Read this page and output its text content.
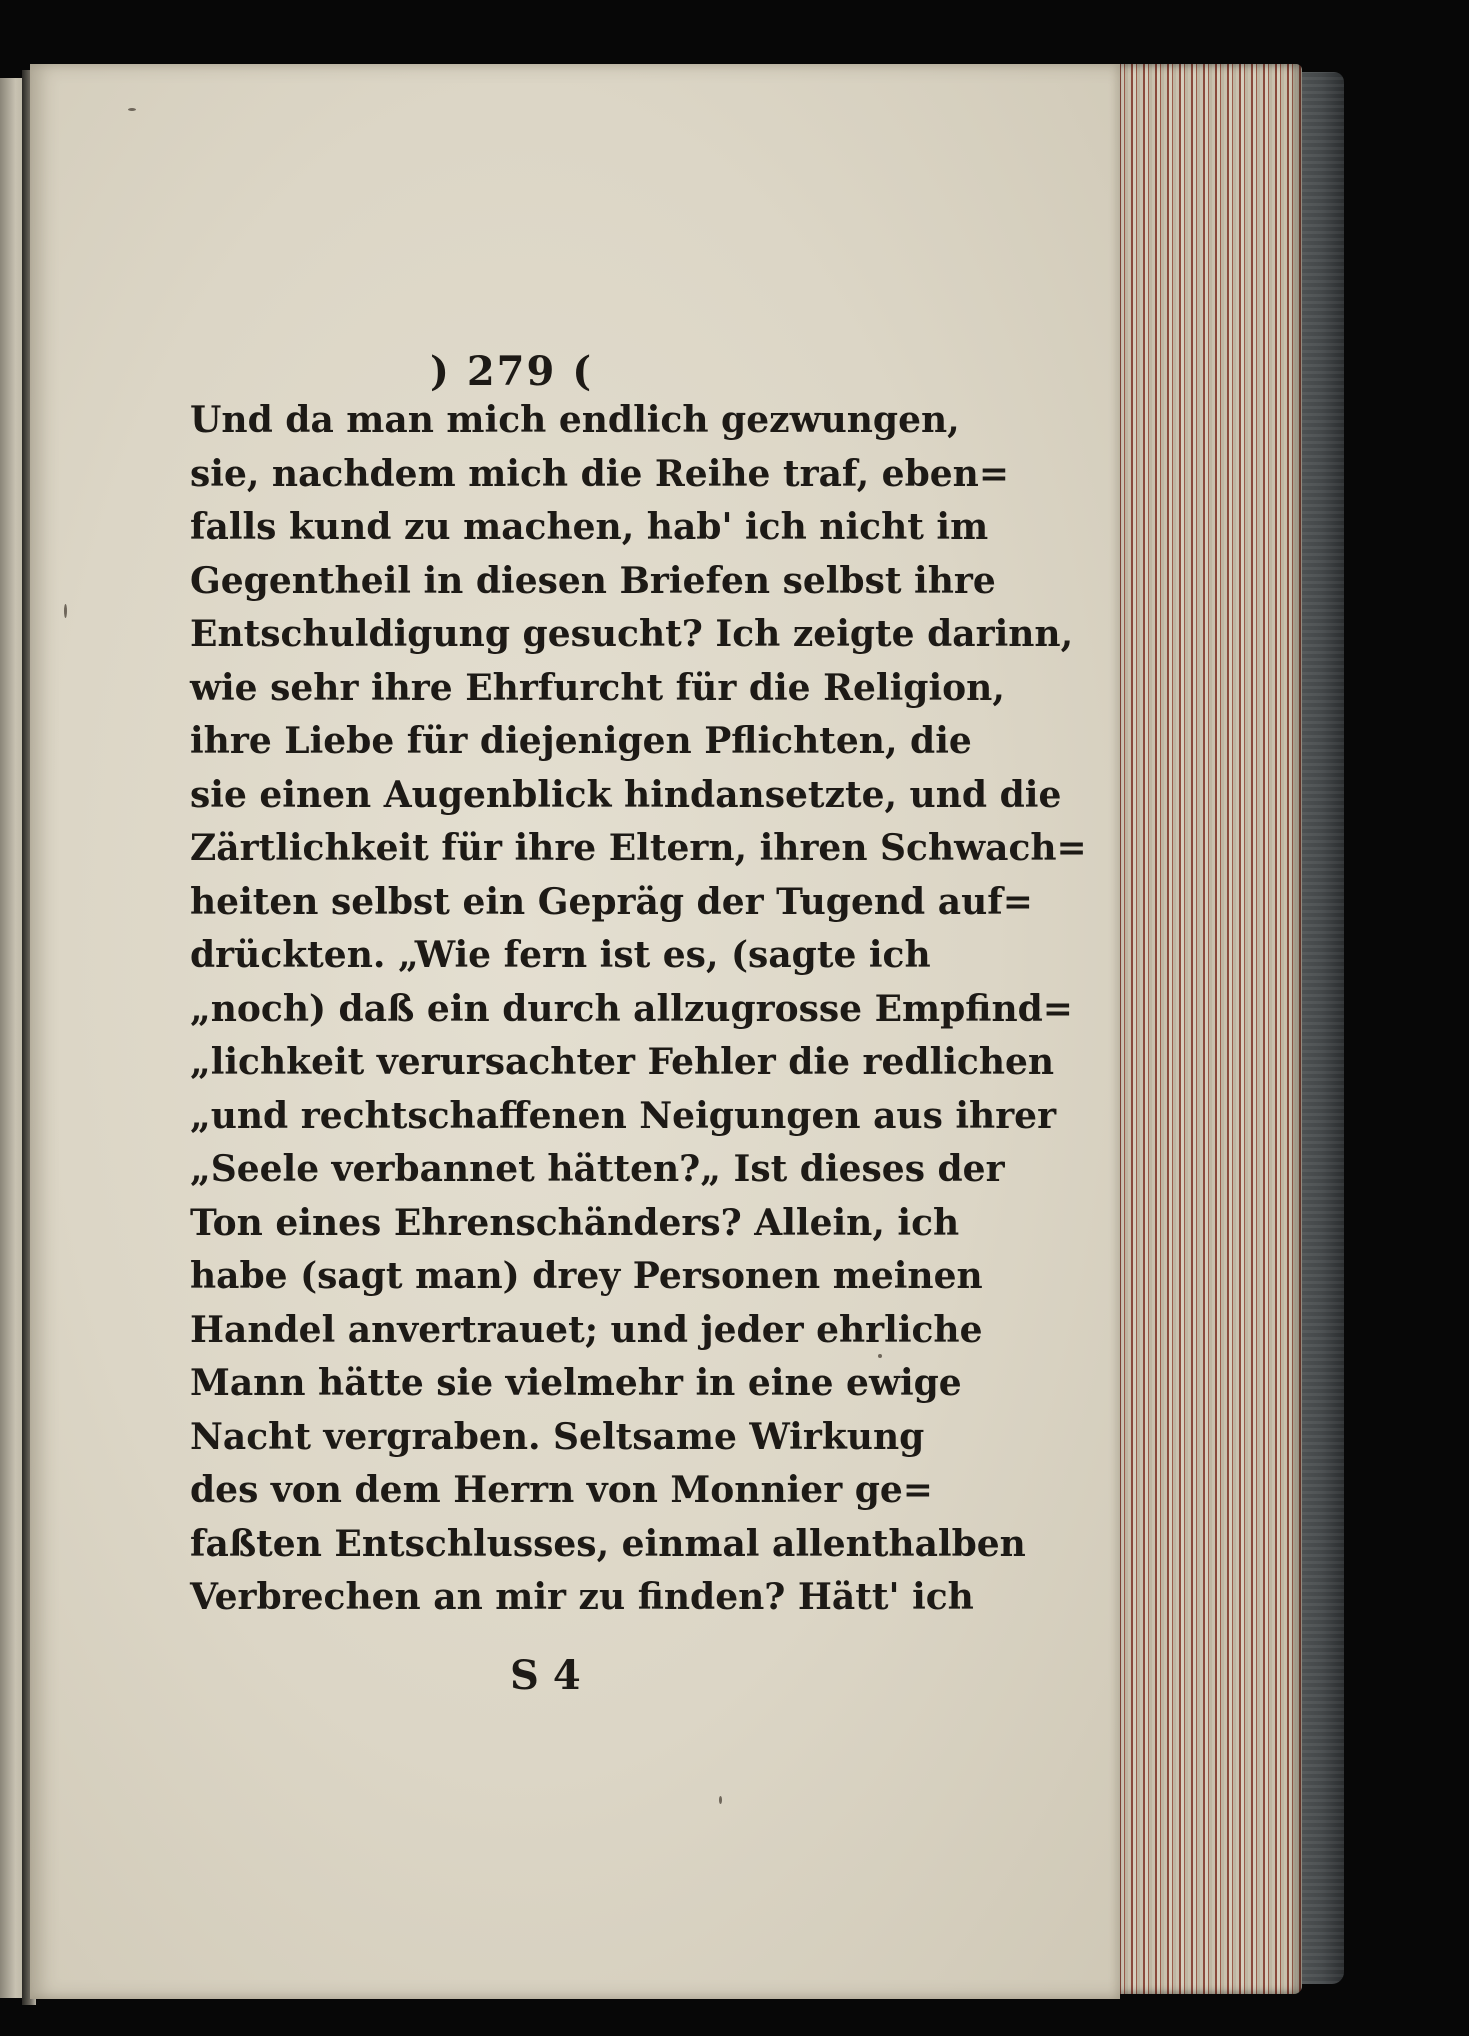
) 279 (
Und da man mich endlich gezwungen,
sie, nachdem mich die Reihe traf, eben=
falls kund zu machen, hab' ich nicht im
Gegentheil in diesen Briefen selbst ihre
Entschuldigung gesucht? Ich zeigte darinn,
wie sehr ihre Ehrfurcht für die Religion,
ihre Liebe für diejenigen Pflichten, die
sie einen Augenblick hindansetzte, und die
Zärtlichkeit für ihre Eltern, ihren Schwach=
heiten selbst ein Gepräg der Tugend auf=
drückten. „Wie fern ist es, (sagte ich
„noch) daß ein durch allzugrosse Empfind=
„lichkeit verursachter Fehler die redlichen
„und rechtschaffenen Neigungen aus ihrer
„Seele verbannet hätten?„ Ist dieses der
Ton eines Ehrenschänders? Allein, ich
habe (sagt man) drey Personen meinen
Handel anvertrauet; und jeder ehrliche
Mann hätte sie vielmehr in eine ewige
Nacht vergraben. Seltsame Wirkung
des von dem Herrn von Monnier ge=
faßten Entschlusses, einmal allenthalben
Verbrechen an mir zu finden? Hätt' ich
S 4
